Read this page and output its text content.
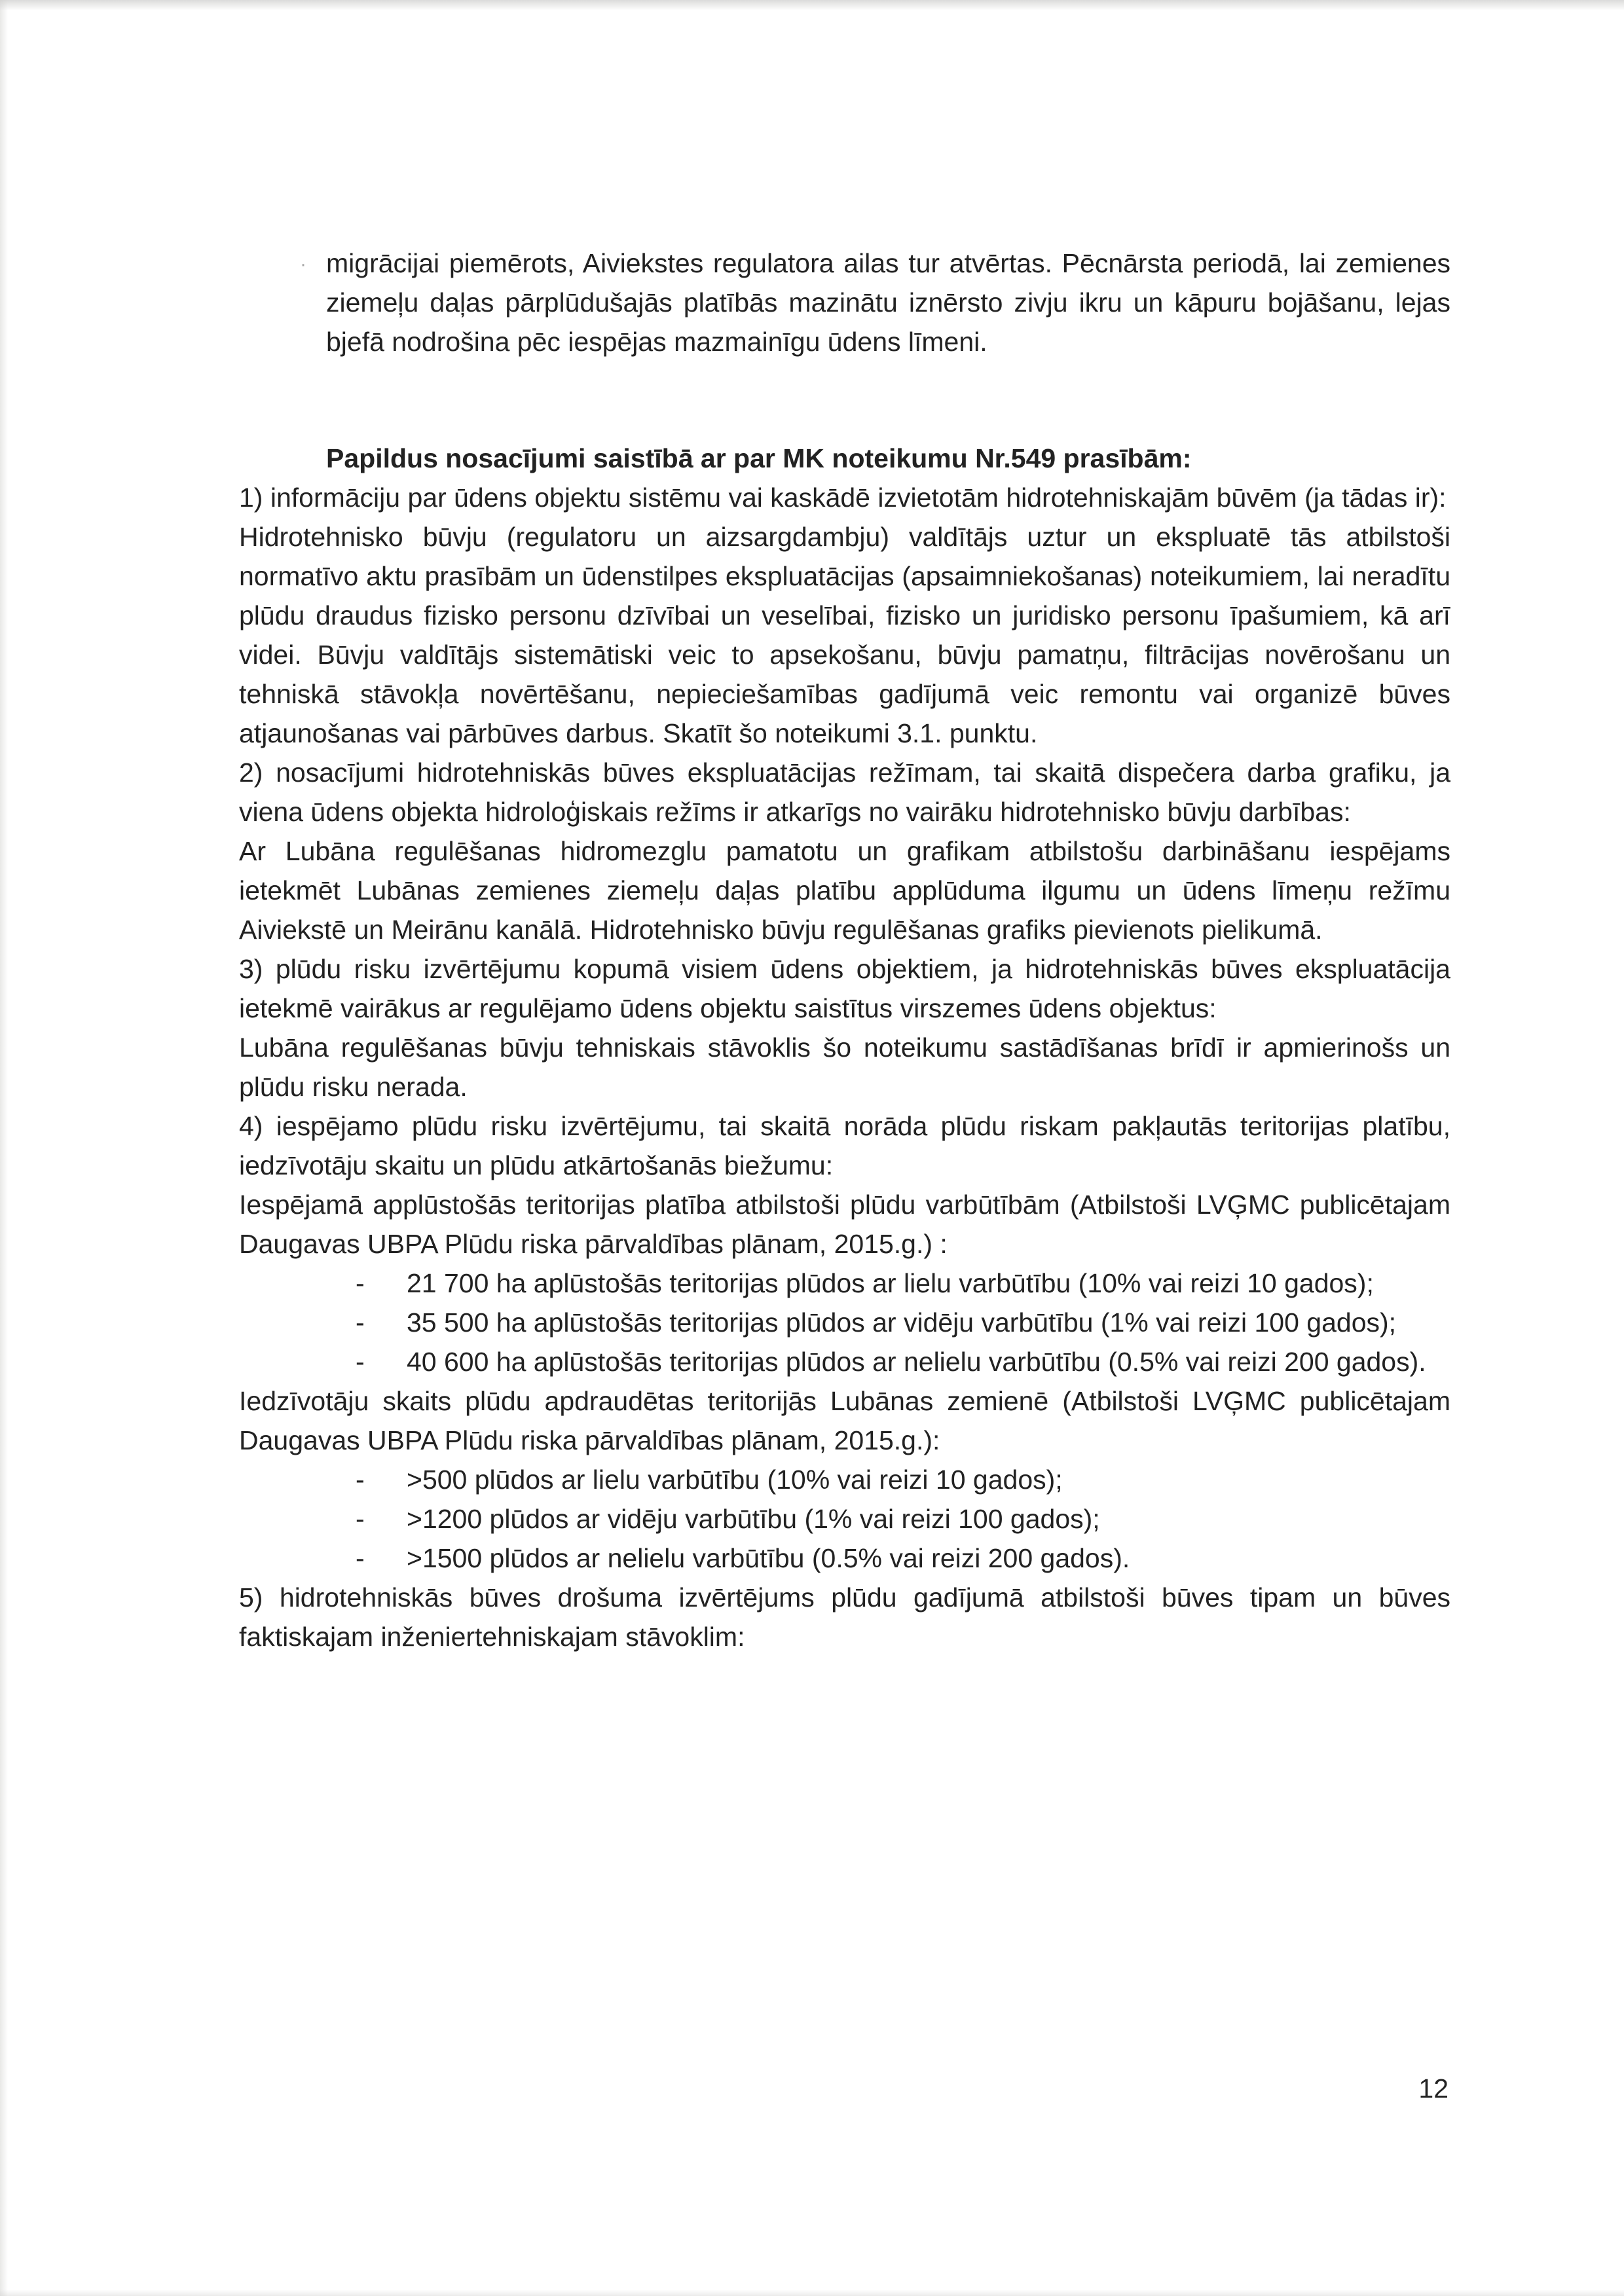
· migrācijai piemērots, Aiviekstes regulatora ailas tur atvērtas. Pēcnārsta periodā, lai zemienes ziemeļu daļas pārplūdušajās platībās mazinātu iznērsto zivju ikru un kāpuru bojāšanu, lejas bjefā nodrošina pēc iespējas mazmainīgu ūdens līmeni.

Papildus nosacījumi saistībā ar par MK noteikumu Nr.549 prasībām:

1) informāciju par ūdens objektu sistēmu vai kaskādē izvietotām hidrotehniskajām būvēm (ja tādas ir):

Hidrotehnisko būvju (regulatoru un aizsargdambju) valdītājs uztur un ekspluatē tās atbilstoši normatīvo aktu prasībām un ūdenstilpes ekspluatācijas (apsaimniekošanas) noteikumiem, lai neradītu plūdu draudus fizisko personu dzīvībai un veselībai, fizisko un juridisko personu īpašumiem, kā arī videi. Būvju valdītājs sistemātiski veic to apsekošanu, būvju pamatņu, filtrācijas novērošanu un tehniskā stāvokļa novērtēšanu, nepieciešamības gadījumā veic remontu vai organizē būves atjaunošanas vai pārbūves darbus. Skatīt šo noteikumi 3.1. punktu.

2) nosacījumi hidrotehniskās būves ekspluatācijas režīmam, tai skaitā dispečera darba grafiku, ja viena ūdens objekta hidroloģiskais režīms ir atkarīgs no vairāku hidrotehnisko būvju darbības:

Ar Lubāna regulēšanas hidromezglu pamatotu un grafikam atbilstošu darbināšanu iespējams ietekmēt Lubānas zemienes ziemeļu daļas platību applūduma ilgumu un ūdens līmeņu režīmu Aiviekstē un Meirānu kanālā. Hidrotehnisko būvju regulēšanas grafiks pievienots pielikumā.

3) plūdu risku izvērtējumu kopumā visiem ūdens objektiem, ja hidrotehniskās būves ekspluatācija ietekmē vairākus ar regulējamo ūdens objektu saistītus virszemes ūdens objektus:

Lubāna regulēšanas būvju tehniskais stāvoklis šo noteikumu sastādīšanas brīdī ir apmierinošs un plūdu risku nerada.

4) iespējamo plūdu risku izvērtējumu, tai skaitā norāda plūdu riskam pakļautās teritorijas platību, iedzīvotāju skaitu un plūdu atkārtošanās biežumu:

Iespējamā applūstošās teritorijas platība atbilstoši plūdu varbūtībām (Atbilstoši LVĢMC publicētajam Daugavas UBPA Plūdu riska pārvaldības plānam, 2015.g.) :

-	21 700 ha aplūstošās teritorijas plūdos ar lielu varbūtību (10% vai reizi 10 gados);
-	35 500 ha aplūstošās teritorijas plūdos ar vidēju varbūtību (1% vai reizi 100 gados);
-	40 600 ha aplūstošās teritorijas plūdos ar nelielu varbūtību (0.5% vai reizi 200 gados).

Iedzīvotāju skaits plūdu apdraudētas teritorijās Lubānas zemienē (Atbilstoši LVĢMC publicētajam Daugavas UBPA Plūdu riska pārvaldības plānam, 2015.g.):

-	>500 plūdos ar lielu varbūtību (10% vai reizi 10 gados);
-	>1200 plūdos ar vidēju varbūtību (1% vai reizi 100 gados);
-	>1500 plūdos ar nelielu varbūtību (0.5% vai reizi 200 gados).

5) hidrotehniskās būves drošuma izvērtējums plūdu gadījumā atbilstoši būves tipam un būves faktiskajam inženiertehniskajam stāvoklim:

12
